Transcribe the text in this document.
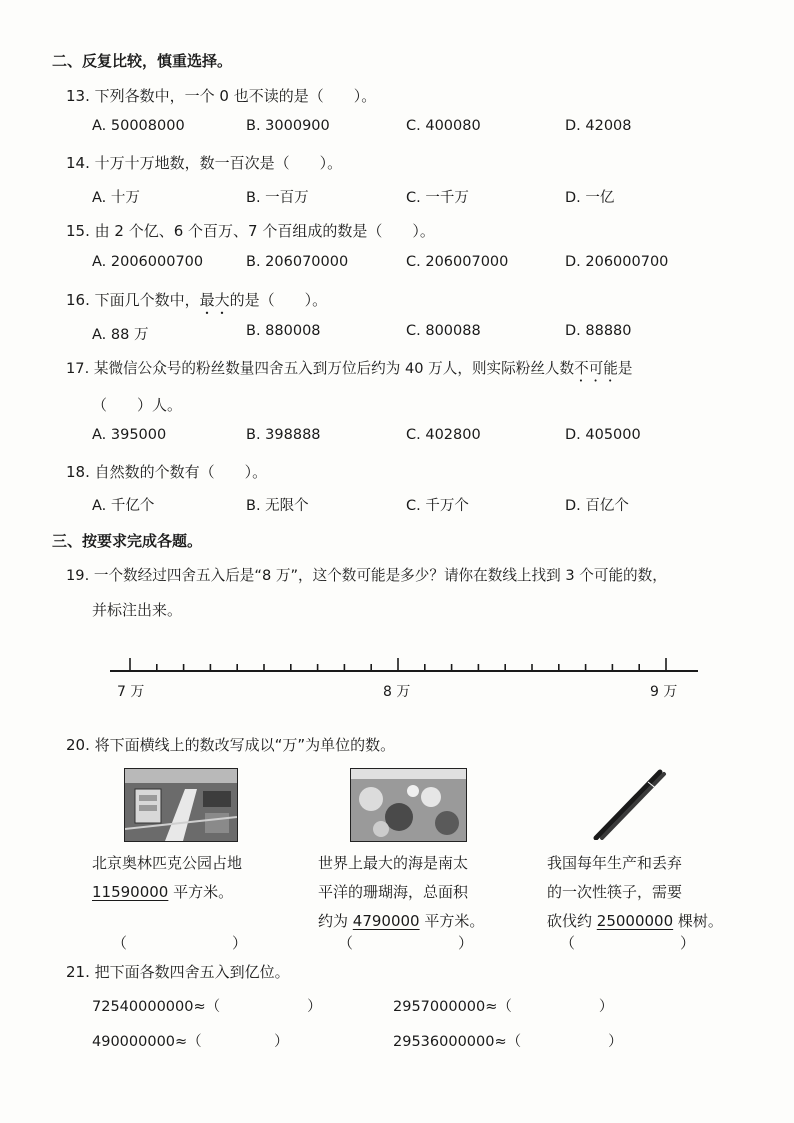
二、反复比较，慎重选择。
13. 下列各数中，一个 0 也不读的是（　　）。
A. 50008000	B. 3000900	C. 400080	D. 42008
14. 十万十万地数，数一百次是（　　）。
A. 十万	B. 一百万	C. 一千万	D. 一亿
15. 由 2 个亿、6 个百万、7 个百组成的数是（　　）。
A. 2006000700	B. 206070000	C. 206007000	D. 206000700
16. 下面几个数中，最大的是（　　）。
A. 88 万	B. 880008	C. 800088	D. 88880
17. 某微信公众号的粉丝数量四舍五入到万位后约为 40 万人，则实际粉丝人数不可能是
（　　）人。
A. 395000	B. 398888	C. 402800	D. 405000
18. 自然数的个数有（　　）。
A. 千亿个	B. 无限个	C. 千万个	D. 百亿个
三、按要求完成各题。
19. 一个数经过四舍五入后是“8 万”，这个数可能是多少？请你在数线上找到 3 个可能的数，
并标注出来。
7 万	8 万	9 万
20. 将下面横线上的数改写成以“万”为单位的数。
北京奥林匹克公园占地
11590000 平方米。
世界上最大的海是南太
平洋的珊瑚海，总面积
约为 4790000 平方米。
我国每年生产和丢弃
的一次性筷子，需要
砍伐约 25000000 棵树。
（　　　　　　　）	（　　　　　　　）	（　　　　　　　）
21. 把下面各数四舍五入到亿位。
72540000000≈（　　　　　　）	2957000000≈（　　　　　　）
490000000≈（　　　　　）	29536000000≈（　　　　　　）
